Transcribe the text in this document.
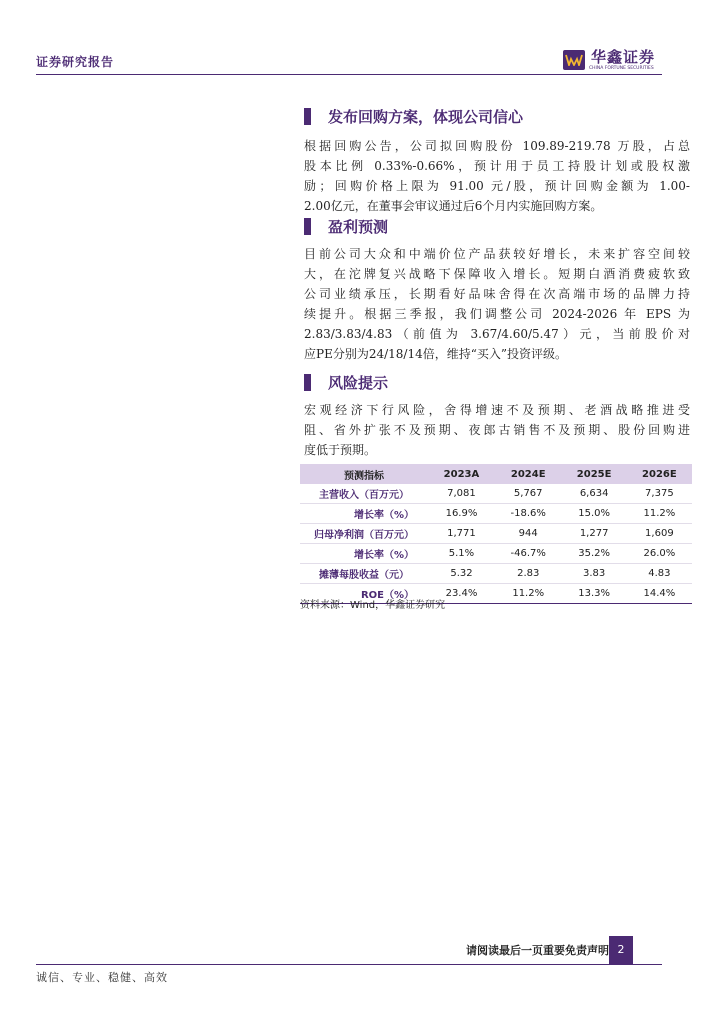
证券研究报告	华鑫证券
CHINA FORTUNE SECURITIES
发布回购方案，体现公司信心
根据回购公告，公司拟回购股份 109.89-219.78 万股，占总
股本比例 0.33%-0.66%，预计用于员工持股计划或股权激
励；回购价格上限为 91.00 元/股，预计回购金额为 1.00-
2.00亿元，在董事会审议通过后6个月内实施回购方案。
盈利预测
目前公司大众和中端价位产品获较好增长，未来扩容空间较
大，在沱牌复兴战略下保障收入增长。短期白酒消费疲软致
公司业绩承压，长期看好品味舍得在次高端市场的品牌力持
续提升。根据三季报，我们调整公司 2024-2026 年 EPS 为
2.83/3.83/4.83（前值为 3.67/4.60/5.47）元，当前股价对
应PE分别为24/18/14倍，维持“买入”投资评级。
风险提示
宏观经济下行风险，舍得增速不及预期、老酒战略推进受
阻、省外扩张不及预期、夜郎古销售不及预期、股份回购进
度低于预期。
预测指标	2023A	2024E	2025E	2026E
主营收入（百万元）	7,081	5,767	6,634	7,375
增长率（%）	16.9%	-18.6%	15.0%	11.2%
归母净利润（百万元）	1,771	944	1,277	1,609
增长率（%）	5.1%	-46.7%	35.2%	26.0%
摊薄每股收益（元）	5.32	2.83	3.83	4.83
ROE（%）	23.4%	11.2%	13.3%	14.4%
资料来源：Wind，华鑫证券研究
请阅读最后一页重要免责声明 2
诚信、专业、稳健、高效
